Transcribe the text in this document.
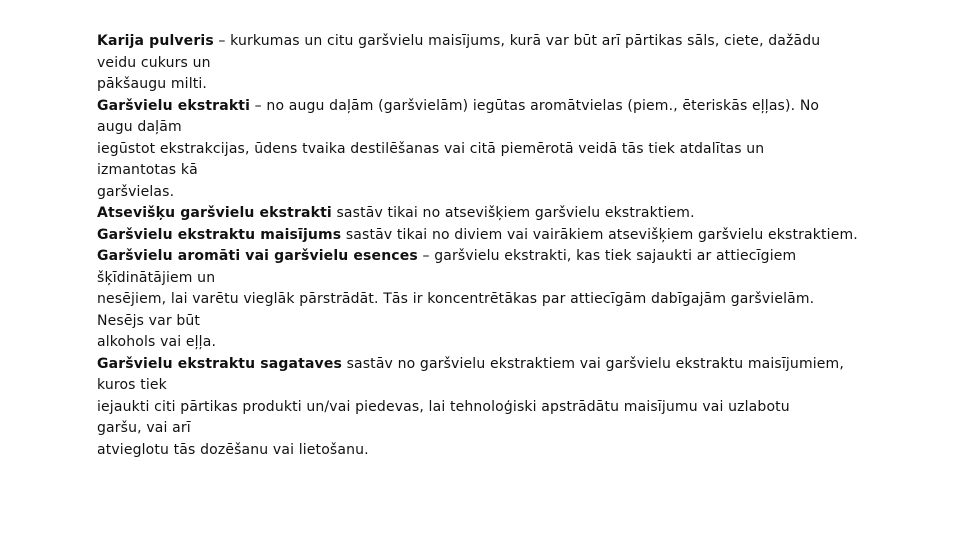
Karija pulveris – kurkumas un citu garšvielu maisījums, kurā var būt arī pārtikas sāls, ciete, dažādu
veidu cukurs un
pākšaugu milti.
Garšvielu ekstrakti – no augu daļām (garšvielām) iegūtas aromātvielas (piem., ēteriskās eļļas). No
augu daļām
iegūstot ekstrakcijas, ūdens tvaika destilēšanas vai citā piemērotā veidā tās tiek atdalītas un
izmantotas kā
garšvielas.
Atsevišķu garšvielu ekstrakti sastāv tikai no atsevišķiem garšvielu ekstraktiem.
Garšvielu ekstraktu maisījums sastāv tikai no diviem vai vairākiem atsevišķiem garšvielu ekstraktiem.
Garšvielu aromāti vai garšvielu esences – garšvielu ekstrakti, kas tiek sajaukti ar attiecīgiem
šķīdinātājiem un
nesējiem, lai varētu vieglāk pārstrādāt. Tās ir koncentrētākas par attiecīgām dabīgajām garšvielām.
Nesējs var būt
alkohols vai eļļa.
Garšvielu ekstraktu sagataves sastāv no garšvielu ekstraktiem vai garšvielu ekstraktu maisījumiem,
kuros tiek
iejaukti citi pārtikas produkti un/vai piedevas, lai tehnoloģiski apstrādātu maisījumu vai uzlabotu
garšu, vai arī
atvieglotu tās dozēšanu vai lietošanu.
